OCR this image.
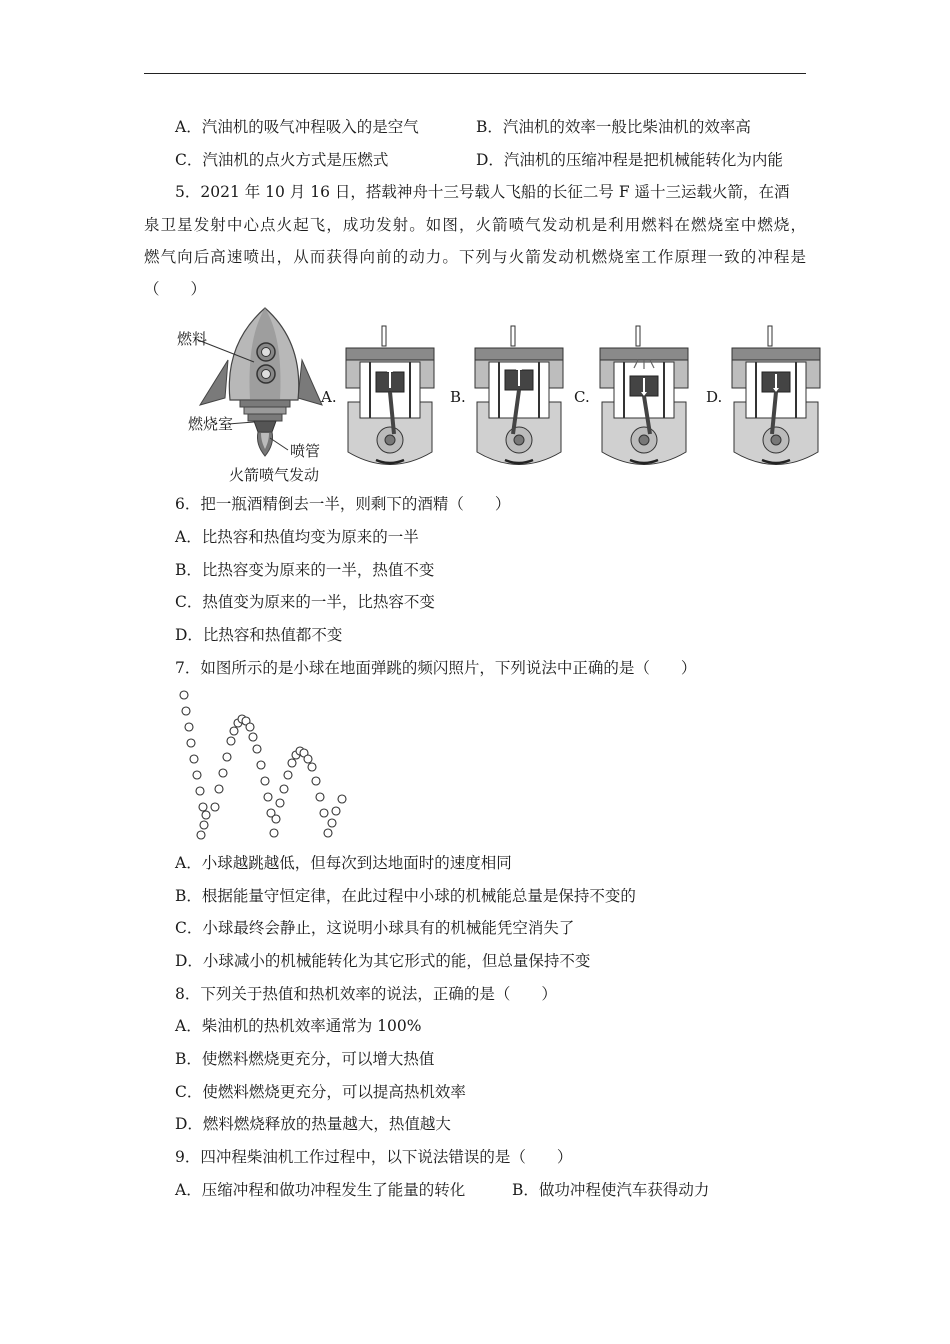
A．汽油机的吸气冲程吸入的是空气	B．汽油机的效率一般比柴油机的效率高
C．汽油机的点火方式是压燃式	D．汽油机的压缩冲程是把机械能转化为内能
5．2021 年 10 月 16 日，搭载神舟十三号载人飞船的长征二号 F 遥十三运载火箭，在酒
泉卫星发射中心点火起飞，成功发射。如图，火箭喷气发动机是利用燃料在燃烧室中燃烧，
燃气向后高速喷出，从而获得向前的动力。下列与火箭发动机燃烧室工作原理一致的冲程是
（　　）
燃料
燃烧室
喷管
火箭喷气发动
A.	B.	C.	D.
6．把一瓶酒精倒去一半，则剩下的酒精（　　）
A．比热容和热值均变为原来的一半
B．比热容变为原来的一半，热值不变
C．热值变为原来的一半，比热容不变
D．比热容和热值都不变
7．如图所示的是小球在地面弹跳的频闪照片，下列说法中正确的是（　　）
A．小球越跳越低，但每次到达地面时的速度相同
B．根据能量守恒定律，在此过程中小球的机械能总量是保持不变的
C．小球最终会静止，这说明小球具有的机械能凭空消失了
D．小球减小的机械能转化为其它形式的能，但总量保持不变
8．下列关于热值和热机效率的说法，正确的是（　　）
A．柴油机的热机效率通常为 100%
B．使燃料燃烧更充分，可以增大热值
C．使燃料燃烧更充分，可以提高热机效率
D．燃料燃烧释放的热量越大，热值越大
9．四冲程柴油机工作过程中，以下说法错误的是（　　）
A．压缩冲程和做功冲程发生了能量的转化	B．做功冲程使汽车获得动力
